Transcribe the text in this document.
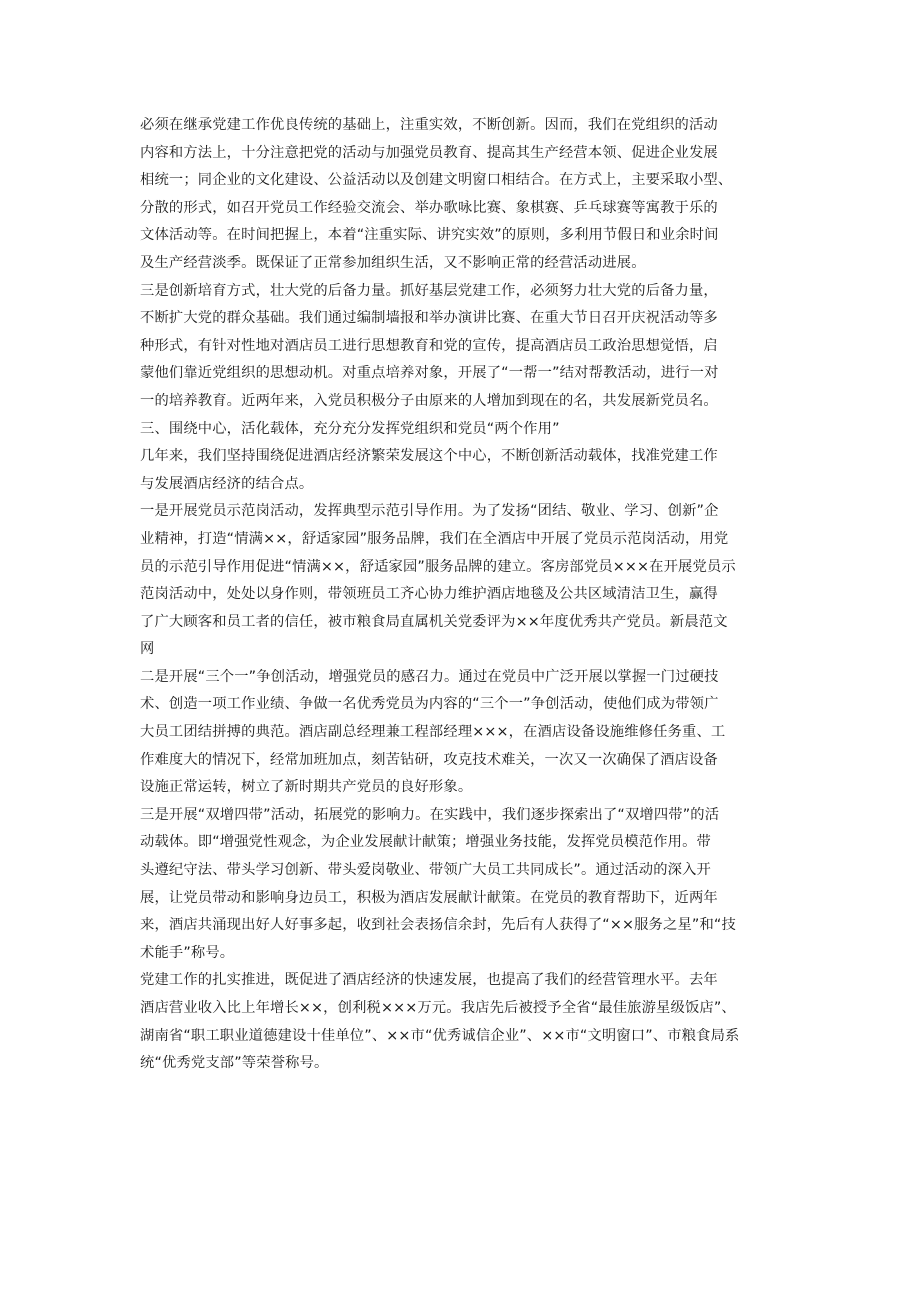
必须在继承党建工作优良传统的基础上，注重实效，不断创新。因而，我们在党组织的活动
内容和方法上，十分注意把党的活动与加强党员教育、提高其生产经营本领、促进企业发展
相统一；同企业的文化建设、公益活动以及创建文明窗口相结合。在方式上，主要采取小型、
分散的形式，如召开党员工作经验交流会、举办歌咏比赛、象棋赛、乒乓球赛等寓教于乐的
文体活动等。在时间把握上，本着“注重实际、讲究实效”的原则，多利用节假日和业余时间
及生产经营淡季。既保证了正常参加组织生活，又不影响正常的经营活动进展。
三是创新培育方式，壮大党的后备力量。抓好基层党建工作，必须努力壮大党的后备力量，
不断扩大党的群众基础。我们通过编制墙报和举办演讲比赛、在重大节日召开庆祝活动等多
种形式，有针对性地对酒店员工进行思想教育和党的宣传，提高酒店员工政治思想觉悟，启
蒙他们靠近党组织的思想动机。对重点培养对象，开展了“一帮一”结对帮教活动，进行一对
一的培养教育。近两年来，入党员积极分子由原来的人增加到现在的名，共发展新党员名。
三、围绕中心，活化载体，充分充分发挥党组织和党员“两个作用”
几年来，我们坚持围绕促进酒店经济繁荣发展这个中心，不断创新活动载体，找准党建工作
与发展酒店经济的结合点。
一是开展党员示范岗活动，发挥典型示范引导作用。为了发扬“团结、敬业、学习、创新”企
业精神，打造“情满××，舒适家园”服务品牌，我们在全酒店中开展了党员示范岗活动，用党
员的示范引导作用促进“情满××，舒适家园”服务品牌的建立。客房部党员×××在开展党员示
范岗活动中，处处以身作则，带领班员工齐心协力维护酒店地毯及公共区域清洁卫生，赢得
了广大顾客和员工者的信任，被市粮食局直属机关党委评为××年度优秀共产党员。新晨范文
网
二是开展“三个一”争创活动，增强党员的感召力。通过在党员中广泛开展以掌握一门过硬技
术、创造一项工作业绩、争做一名优秀党员为内容的“三个一”争创活动，使他们成为带领广
大员工团结拼搏的典范。酒店副总经理兼工程部经理×××，在酒店设备设施维修任务重、工
作难度大的情况下，经常加班加点，刻苦钻研，攻克技术难关，一次又一次确保了酒店设备
设施正常运转，树立了新时期共产党员的良好形象。
三是开展“双增四带”活动，拓展党的影响力。在实践中，我们逐步探索出了“双增四带”的活
动载体。即“增强党性观念，为企业发展献计献策；增强业务技能，发挥党员模范作用。带
头遵纪守法、带头学习创新、带头爱岗敬业、带领广大员工共同成长”。通过活动的深入开
展，让党员带动和影响身边员工，积极为酒店发展献计献策。在党员的教育帮助下，近两年
来，酒店共涌现出好人好事多起，收到社会表扬信余封，先后有人获得了“××服务之星”和“技
术能手”称号。
党建工作的扎实推进，既促进了酒店经济的快速发展，也提高了我们的经营管理水平。去年
酒店营业收入比上年增长××，创利税×××万元。我店先后被授予全省“最佳旅游星级饭店”、
湖南省“职工职业道德建设十佳单位”、××市“优秀诚信企业”、××市“文明窗口”、市粮食局系
统“优秀党支部”等荣誉称号。
